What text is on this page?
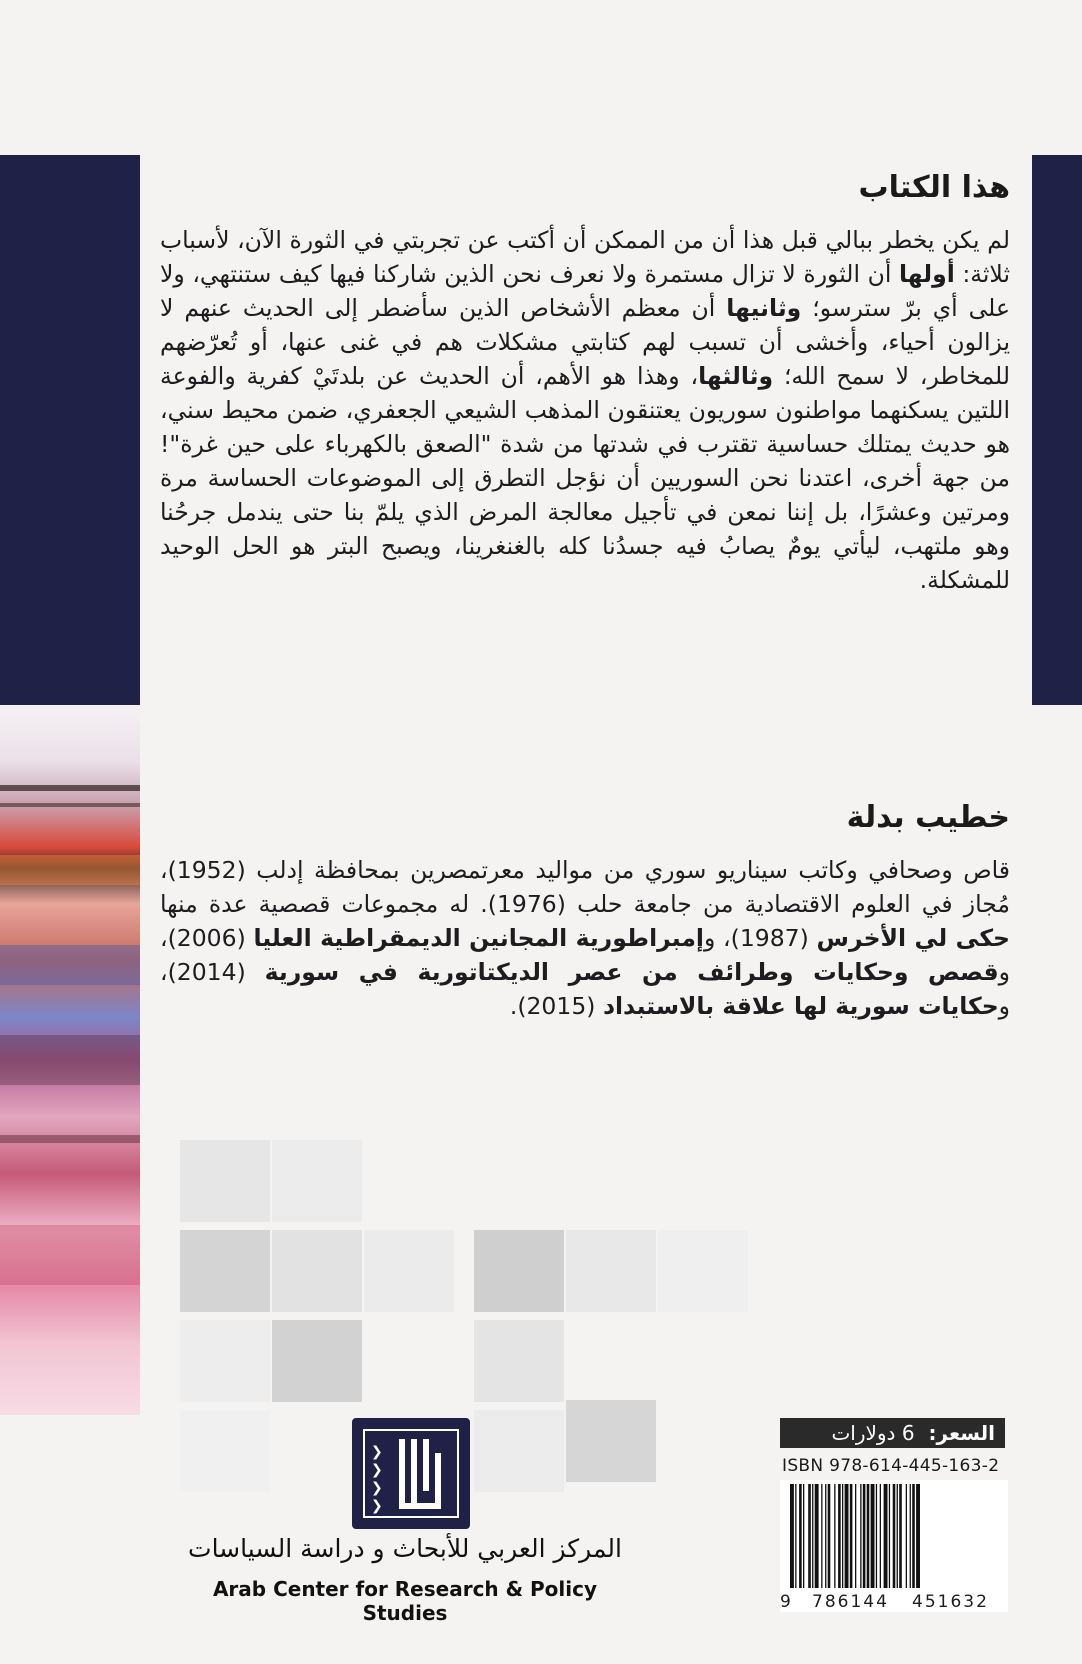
هذا الكتاب

لم يكن يخطر ببالي قبل هذا أن من الممكن أن أكتب عن تجربتي في الثورة الآن، لأسباب ثلاثة: أولها أن الثورة لا تزال مستمرة ولا نعرف نحن الذين شاركنا فيها كيف ستنتهي، ولا على أي برّ سترسو؛ وثانيها أن معظم الأشخاص الذين سأضطر إلى الحديث عنهم لا يزالون أحياء، وأخشى أن تسبب لهم كتابتي مشكلات هم في غنى عنها، أو تُعرّضهم للمخاطر، لا سمح الله؛ وثالثها، وهذا هو الأهم، أن الحديث عن بلدتَيْ كفرية والفوعة اللتين يسكنهما مواطنون سوريون يعتنقون المذهب الشيعي الجعفري، ضمن محيط سني، هو حديث يمتلك حساسية تقترب في شدتها من شدة "الصعق بالكهرباء على حين غرة"! من جهة أخرى، اعتدنا نحن السوريين أن نؤجل التطرق إلى الموضوعات الحساسة مرة ومرتين وعشرًا، بل إننا نمعن في تأجيل معالجة المرض الذي يلمّ بنا حتى يندمل جرحُنا وهو ملتهب، ليأتي يومٌ يصابُ فيه جسدُنا كله بالغنغرينا، ويصبح البتر هو الحل الوحيد للمشكلة.

خطيب بدلة

قاص وصحافي وكاتب سيناريو سوري من مواليد معرتمصرين بمحافظة إدلب (1952)، مُجاز في العلوم الاقتصادية من جامعة حلب (1976). له مجموعات قصصية عدة منها حكى لي الأخرس (1987)، وإمبراطورية المجانين الديمقراطية العليا (2006)، وقصص وحكايات وطرائف من عصر الديكتاتورية في سورية (2014)، وحكايات سورية لها علاقة بالاستبداد (2015).

❯
❯
❯
❯
المركز العربي للأبحاث و دراسة السياسات
Arab Center for Research & Policy Studies
السعر:
6 دولارات
ISBN 978-614-445-163-2
9 786144 451632
